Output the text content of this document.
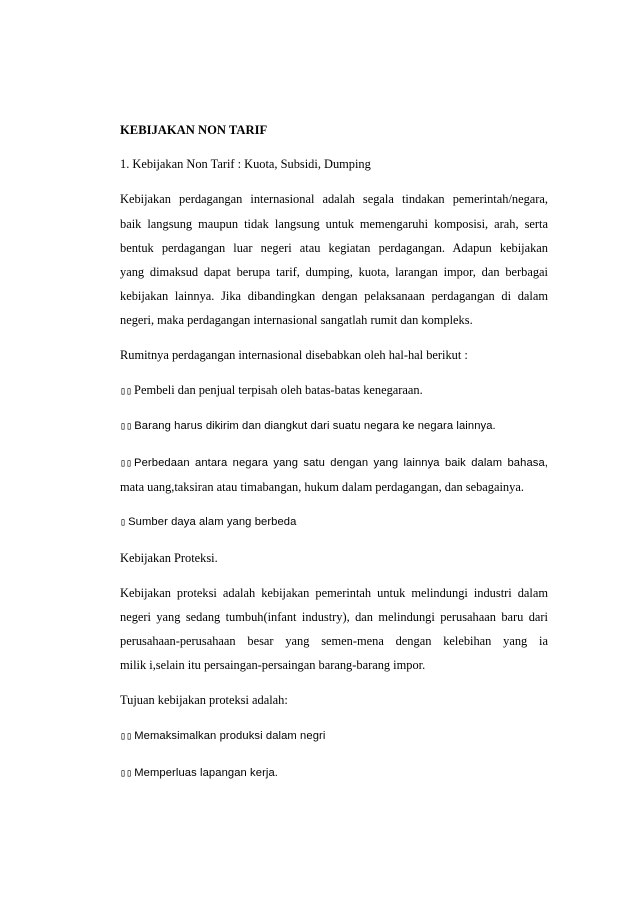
KEBIJAKAN NON TARIF
1. Kebijakan Non Tarif : Kuota, Subsidi, Dumping
Kebijakan perdagangan internasional adalah segala tindakan pemerintah/negara,
baik langsung maupun tidak langsung untuk memengaruhi komposisi, arah, serta
bentuk perdagangan luar negeri atau kegiatan perdagangan. Adapun kebijakan
yang dimaksud dapat berupa tarif, dumping, kuota, larangan impor, dan berbagai
kebijakan lainnya. Jika dibandingkan dengan pelaksanaan perdagangan di dalam
negeri, maka perdagangan internasional sangatlah rumit dan kompleks.
Rumitnya perdagangan internasional disebabkan oleh hal-hal berikut :
▯▯ Pembeli dan penjual terpisah oleh batas-batas kenegaraan.
▯▯ Barang harus dikirim dan diangkut dari suatu negara ke negara lainnya.
▯▯ Perbedaan antara negara yang satu dengan yang lainnya baik dalam bahasa,
mata uang,taksiran atau timabangan, hukum dalam perdagangan, dan sebagainya.
▯ Sumber daya alam yang berbeda
Kebijakan Proteksi.
Kebijakan proteksi adalah kebijakan pemerintah untuk melindungi industri dalam
negeri yang sedang tumbuh(infant industry), dan melindungi perusahaan baru dari
perusahaan-perusahaan besar yang semen-mena dengan kelebihan yang ia
milik i,selain itu persaingan-persaingan barang-barang impor.
Tujuan kebijakan proteksi adalah:
▯▯ Memaksimalkan produksi dalam negri
▯▯ Memperluas lapangan kerja.
